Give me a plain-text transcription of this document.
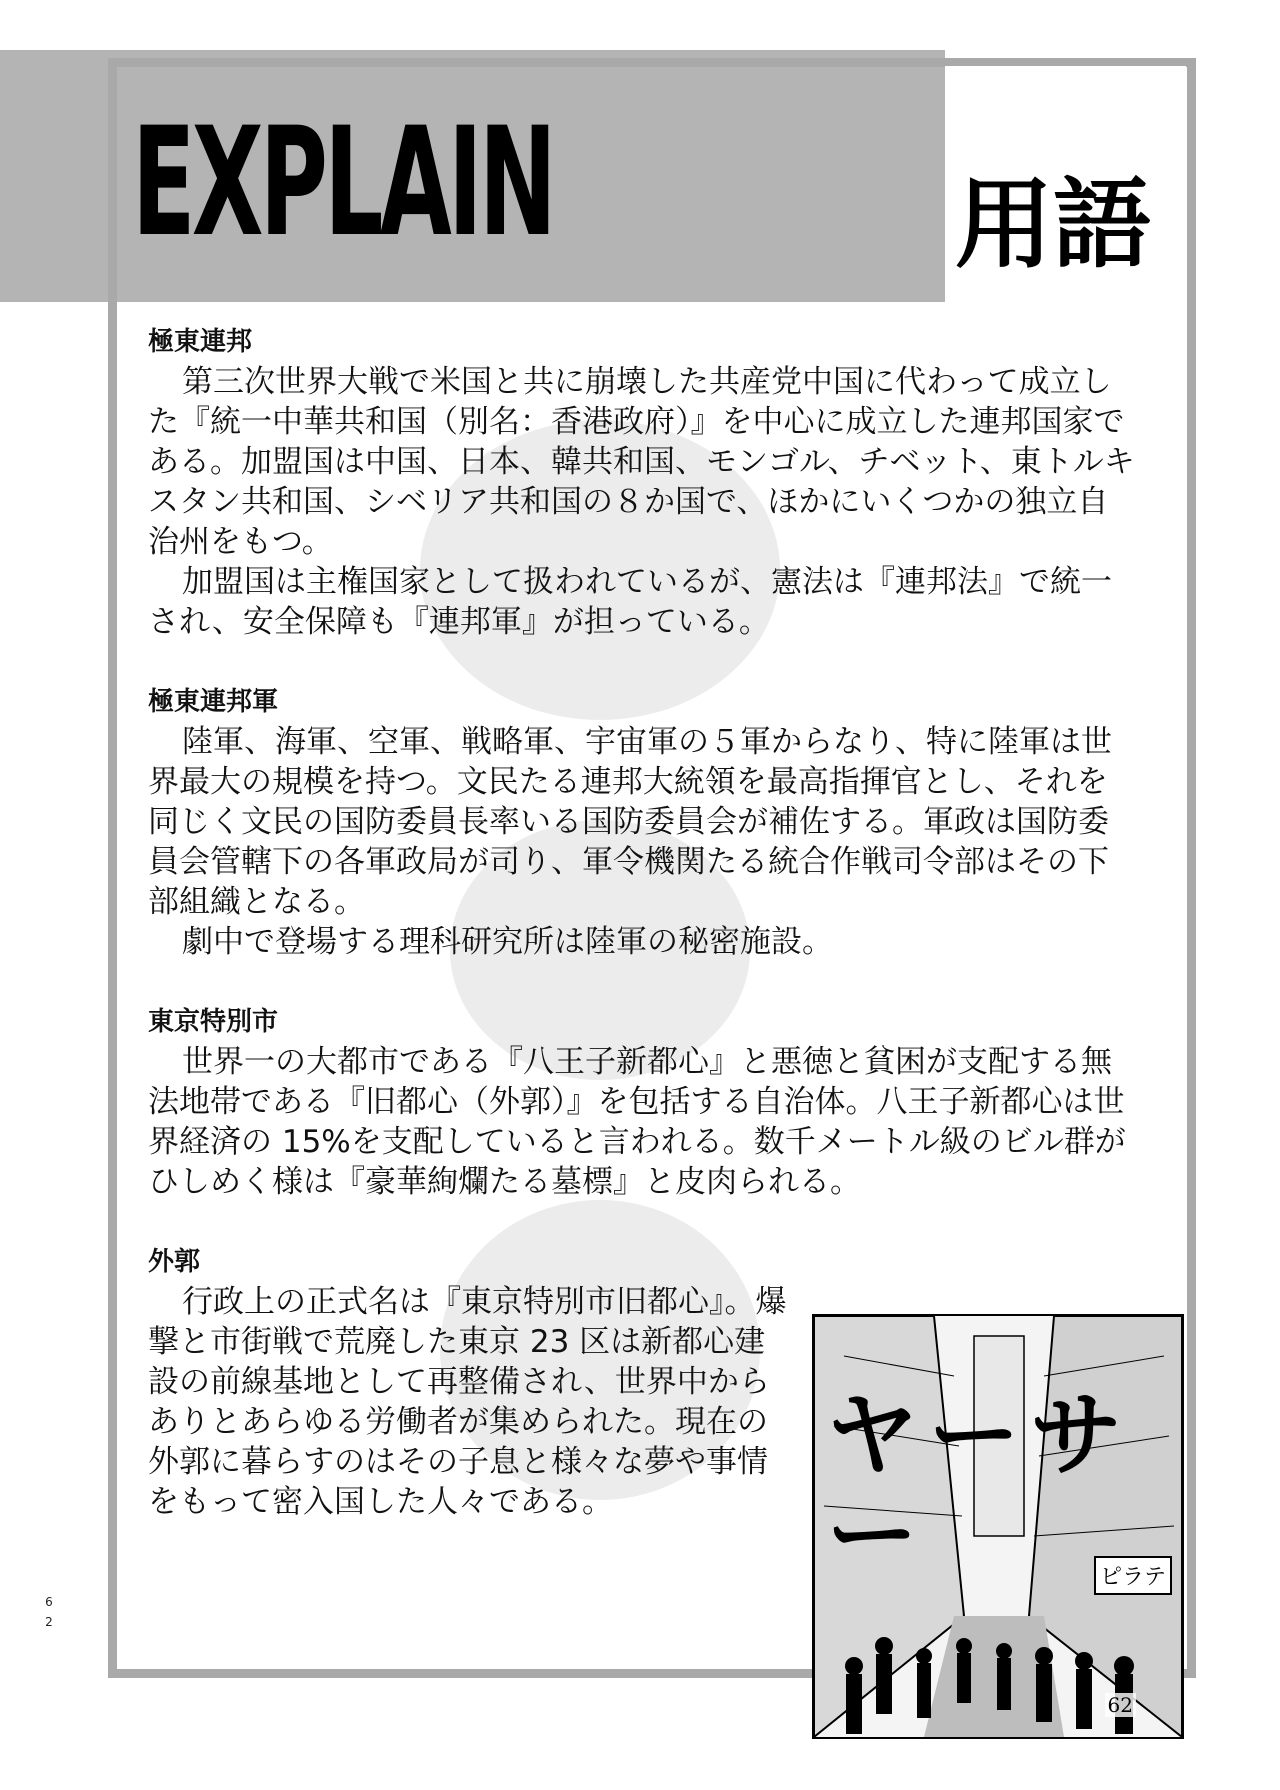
EXPLAIN	用語

極東連邦

第三次世界大戦で米国と共に崩壊した共産党中国に代わって成立した『統一中華共和国（別名：香港政府）』を中心に成立した連邦国家である。加盟国は中国、日本、韓共和国、モンゴル、チベット、東トルキスタン共和国、シベリア共和国の８か国で、ほかにいくつかの独立自治州をもつ。

加盟国は主権国家として扱われているが、憲法は『連邦法』で統一され、安全保障も『連邦軍』が担っている。

極東連邦軍

陸軍、海軍、空軍、戦略軍、宇宙軍の５軍からなり、特に陸軍は世界最大の規模を持つ。文民たる連邦大統領を最高指揮官とし、それを同じく文民の国防委員長率いる国防委員会が補佐する。軍政は国防委員会管轄下の各軍政局が司り、軍令機関たる統合作戦司令部はその下部組織となる。

劇中で登場する理科研究所は陸軍の秘密施設。

東京特別市

世界一の大都市である『八王子新都心』と悪徳と貧困が支配する無法地帯である『旧都心（外郭）』を包括する自治体。八王子新都心は世界経済の 15%を支配していると言われる。数千メートル級のビル群がひしめく様は『豪華絢爛たる墓標』と皮肉られる。

外郭

行政上の正式名は『東京特別市旧都心』。爆撃と市街戦で荒廃した東京 23 区は新都心建設の前線基地として再整備され、世界中からありとあらゆる労働者が集められた。現在の外郭に暮らすのはその子息と様々な夢や事情をもって密入国した人々である。

ヤーサー	ピラテ
62
62
